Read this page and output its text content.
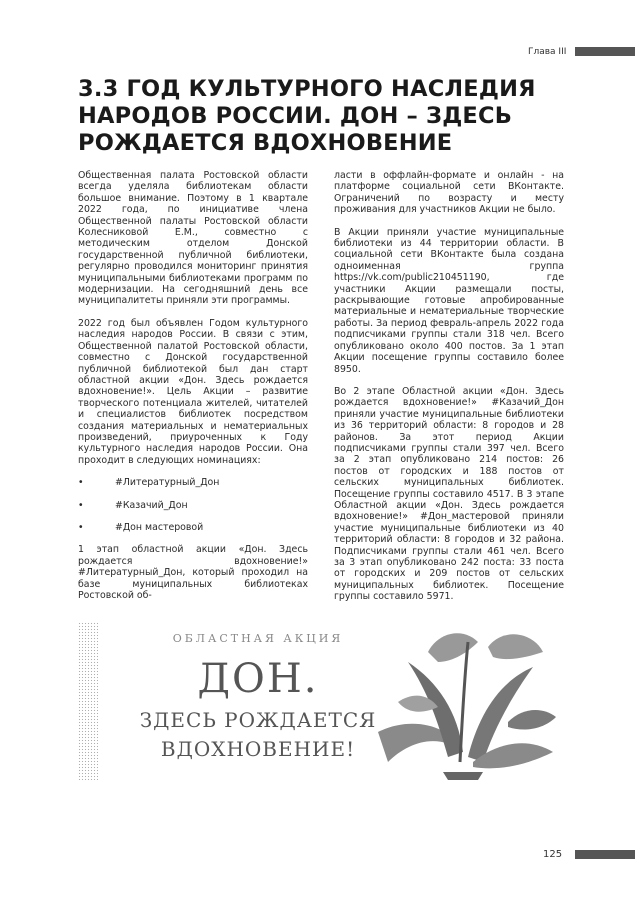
Глава III
3.3 ГОД КУЛЬТУРНОГО НАСЛЕДИЯ НАРОДОВ РОССИИ. ДОН – ЗДЕСЬ РОЖДАЕТСЯ ВДОХНОВЕНИЕ

Общественная палата Ростовской области всегда уделяла библиотекам области большое внимание. Поэтому в 1 квартале 2022 года, по инициативе члена Общественной палаты Ростовской области Колесниковой Е.М., совместно с методическим отделом Донской государственной публичной библиотеки, регулярно проводился мониторинг принятия муниципальными библиотеками программ по модернизации. На сегодняшний день все муниципалитеты приняли эти программы.

2022 год был объявлен Годом культурного наследия народов России. В связи с этим, Общественной палатой Ростовской области, совместно с Донской государственной публичной библиотекой был дан старт областной акции «Дон. Здесь рождается вдохновение!». Цель Акции – развитие творческого потенциала жителей, читателей и специалистов библиотек посредством создания материальных и нематериальных произведений, приуроченных к Году культурного наследия народов России. Она проходит в следующих номинациях:

•	#Литературный_Дон
•	#Казачий_Дон
•	#Дон мастеровой

1 этап областной акции «Дон. Здесь рождается вдохновение!» #Литературный_Дон, который проходил на базе муниципальных библиотеках Ростовской об-

ласти в оффлайн-формате и онлайн - на платформе социальной сети ВКонтакте. Ограничений по возрасту и месту проживания для участников Акции не было.

В Акции приняли участие муниципальные библиотеки из 44 территории области. В социальной сети ВКонтакте была создана одноименная группа https://vk.com/public210451190, где участники Акции размещали посты, раскрывающие готовые апробированные материальные и нематериальные творческие работы. За период февраль-апрель 2022 года подписчиками группы стали 318 чел. Всего опубликовано около 400 постов. За 1 этап Акции посещение группы составило более 8950.

Во 2 этапе Областной акции «Дон. Здесь рождается вдохновение!» #Казачий_Дон приняли участие муниципальные библиотеки из 36 территорий области: 8 городов и 28 районов. За этот период Акции подписчиками группы стали 397 чел. Всего за 2 этап опубликовано 214 постов: 26 постов от городских и 188 постов от сельских муниципальных библиотек. Посещение группы составило 4517. В 3 этапе Областной акции «Дон. Здесь рождается вдохновение!» #Дон_мастеровой приняли участие муниципальные библиотеки из 40 территорий области: 8 городов и 32 района. Подписчиками группы стали 461 чел. Всего за 3 этап опубликовано 242 поста: 33 поста от городских и 209 постов от сельских муниципальных библиотек. Посещение группы составило 5971.

ОБЛАСТНАЯ АКЦИЯ
ДОН.
ЗДЕСЬ РОЖДАЕТСЯ
ВДОХНОВЕНИЕ!
125
